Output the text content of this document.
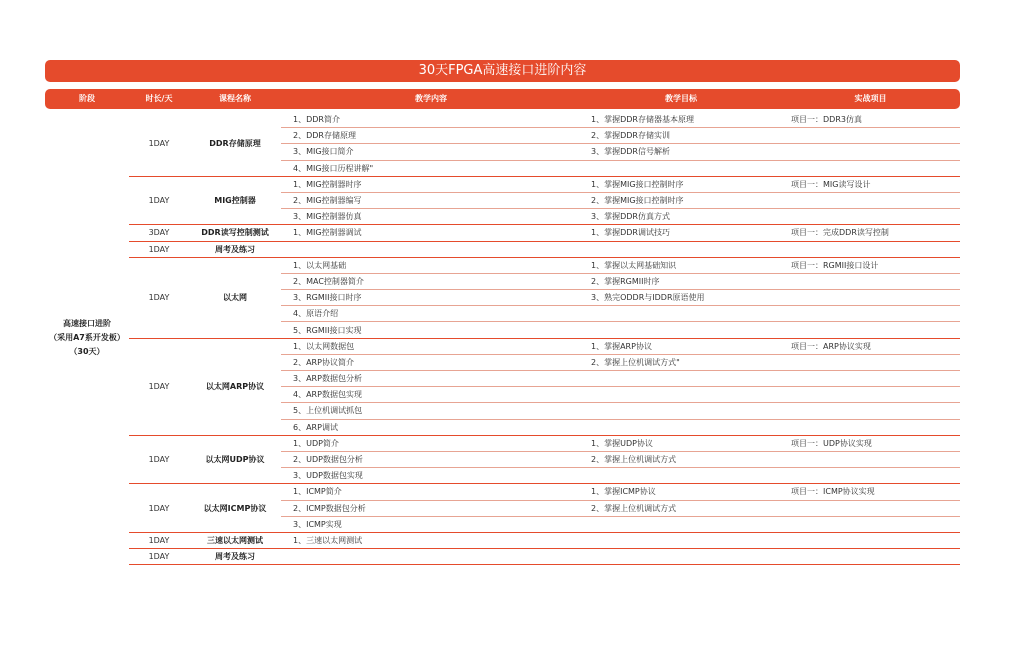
30天FPGA高速接口进阶内容
阶段	时长/天	课程名称	教学内容	教学目标	实战项目
高速接口进阶
（采用A7系开发板）
（30天）	1DAY	DDR存储原理	1、DDR简介	1、掌握DDR存储器基本原理	项目一：DDR3仿真
			2、DDR存储原理	2、掌握DDR存储实训	
			3、MIG接口简介	3、掌握DDR信号解析	
			4、MIG接口历程讲解"		
	1DAY	MIG控制器	1、MIG控制器时序	1、掌握MIG接口控制时序	项目一：MIG读写设计
			2、MIG控制器编写	2、掌握MIG接口控制时序	
			3、MIG控制器仿真	3、掌握DDR仿真方式	
	3DAY	DDR读写控制测试	1、MIG控制器调试	1、掌握DDR调试技巧	项目一：完成DDR读写控制
	1DAY	周考及练习			
	1DAY	以太网	1、以太网基础	1、掌握以太网基础知识	项目一：RGMII接口设计
			2、MAC控制器简介	2、掌握RGMII时序	
			3、RGMII接口时序	3、熟完ODDR与IDDR原语使用	
			4、原语介绍		
			5、RGMII接口实现		
	1DAY	以太网ARP协议	1、以太网数据包	1、掌握ARP协议	项目一：ARP协议实现
			2、ARP协议简介	2、掌握上位机调试方式"	
			3、ARP数据包分析		
			4、ARP数据包实现		
			5、上位机调试抓包		
			6、ARP调试		
	1DAY	以太网UDP协议	1、UDP简介	1、掌握UDP协议	项目一：UDP协议实现
			2、UDP数据包分析	2、掌握上位机调试方式	
			3、UDP数据包实现		
	1DAY	以太网ICMP协议	1、ICMP简介	1、掌握ICMP协议	项目一：ICMP协议实现
			2、ICMP数据包分析	2、掌握上位机调试方式	
			3、ICMP实现		
	1DAY	三速以太网测试	1、三速以太网测试		
	1DAY	周考及练习			
